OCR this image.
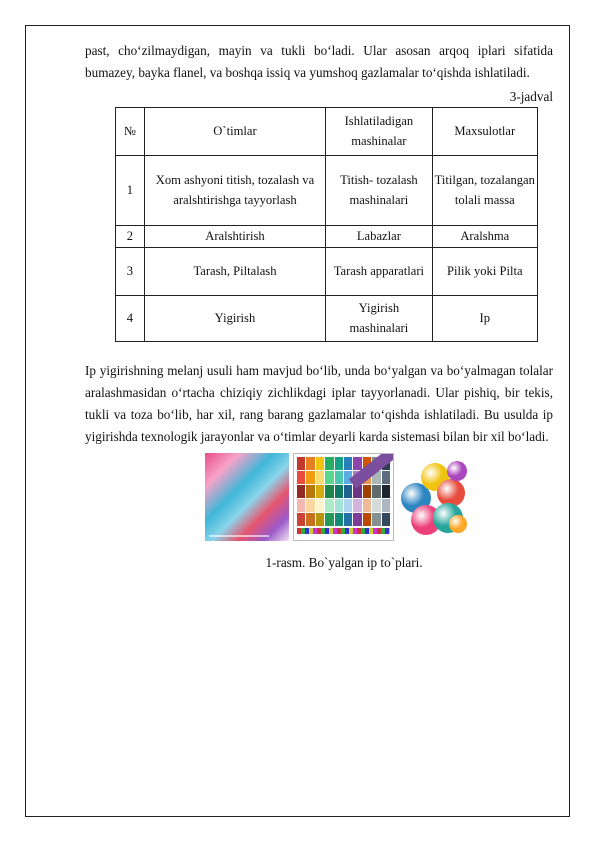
past, cho‘zilmaydigan, mayin va tukli bo‘ladi. Ular asosan arqoq iplari sifatida bumazey, bayka flanel, va boshqa issiq va yumshoq gazlamalar to‘qishda ishlatiladi.

3-jadval
№	O`timlar	Ishlatiladigan mashinalar	Maxsulotlar
1	Xom ashyoni titish, tozalash va aralshtirishga tayyorlash	Titish- tozalash mashinalari	Titilgan, tozalangan tolali massa
2	Aralshtirish	Labazlar	Aralshma
3	Tarash, Piltalash	Tarash apparatlari	Pilik yoki Pilta
4	Yigirish	Yigirish mashinalari	Ip

Ip yigirishning melanj usuli ham mavjud bo‘lib, unda bo‘yalgan va bo‘yalmagan tolalar aralashmasidan o‘rtacha chiziqiy zichlikdagi iplar tayyorlanadi. Ular pishiq, bir tekis, tukli va toza bo‘lib, har xil, rang barang gazlamalar to‘qishda ishlatiladi. Bu usulda ip yigirishda texnologik jarayonlar va o‘timlar deyarli karda sistemasi bilan bir xil bo‘ladi.

1-rasm. Bo`yalgan ip to`plari.
